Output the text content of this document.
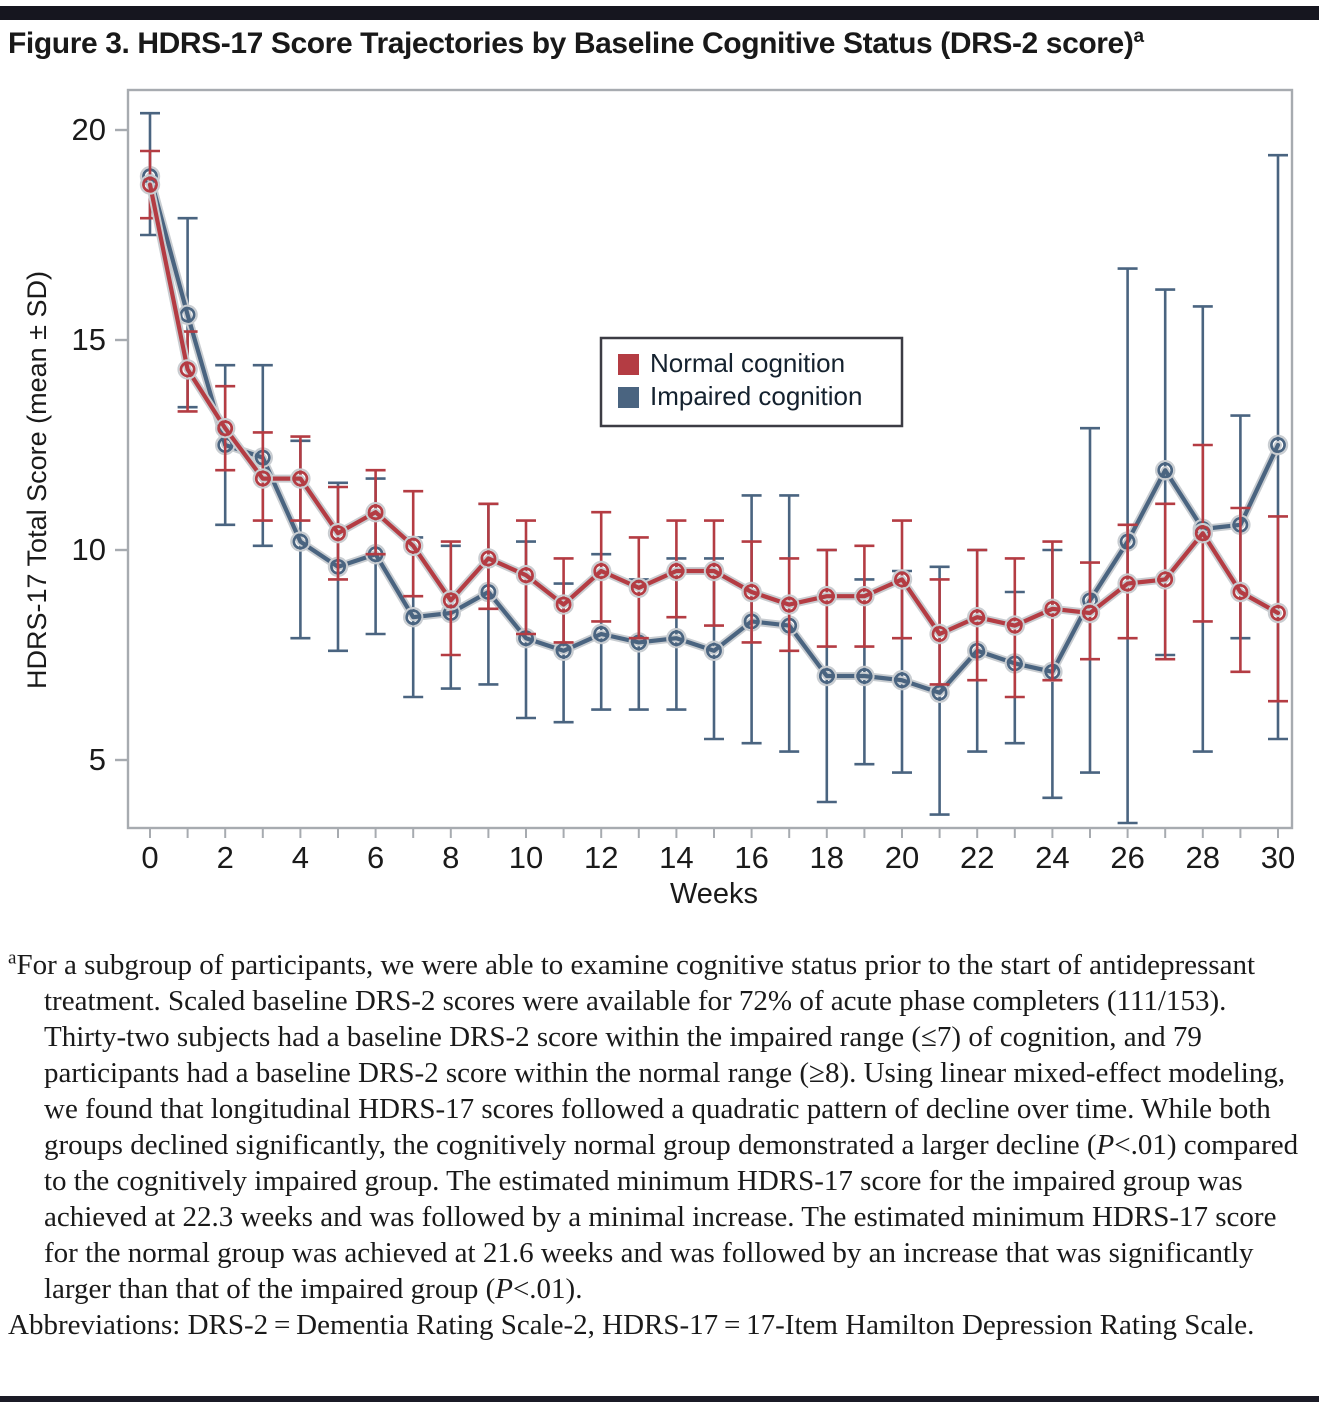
Figure 3. HDRS-17 Score Trajectories by Baseline Cognitive Status (DRS-2 score)$^a$
5
10
15
20
HDRS-17 Total Score (mean ± SD)
0 2 4 6 8 10 12 14 16 18 20 22 24 26 28 30
Weeks
Normal cognition
Impaired cognition

$^a$For a subgroup of participants, we were able to examine cognitive status prior to the start of antidepressant treatment. Scaled baseline DRS-2 scores were available for 72% of acute phase completers (111/153). Thirty-two subjects had a baseline DRS-2 score within the impaired range (≤7) of cognition, and 79 participants had a baseline DRS-2 score within the normal range (≥8). Using linear mixed-effect modeling, we found that longitudinal HDRS-17 scores followed a quadratic pattern of decline over time. While both groups declined significantly, the cognitively normal group demonstrated a larger decline (P<.01) compared to the cognitively impaired group. The estimated minimum HDRS-17 score for the impaired group was achieved at 22.3 weeks and was followed by a minimal increase. The estimated minimum HDRS-17 score for the normal group was achieved at 21.6 weeks and was followed by an increase that was significantly larger than that of the impaired group (P<.01).

Abbreviations: DRS-2 = Dementia Rating Scale-2, HDRS-17 = 17-Item Hamilton Depression Rating Scale.
